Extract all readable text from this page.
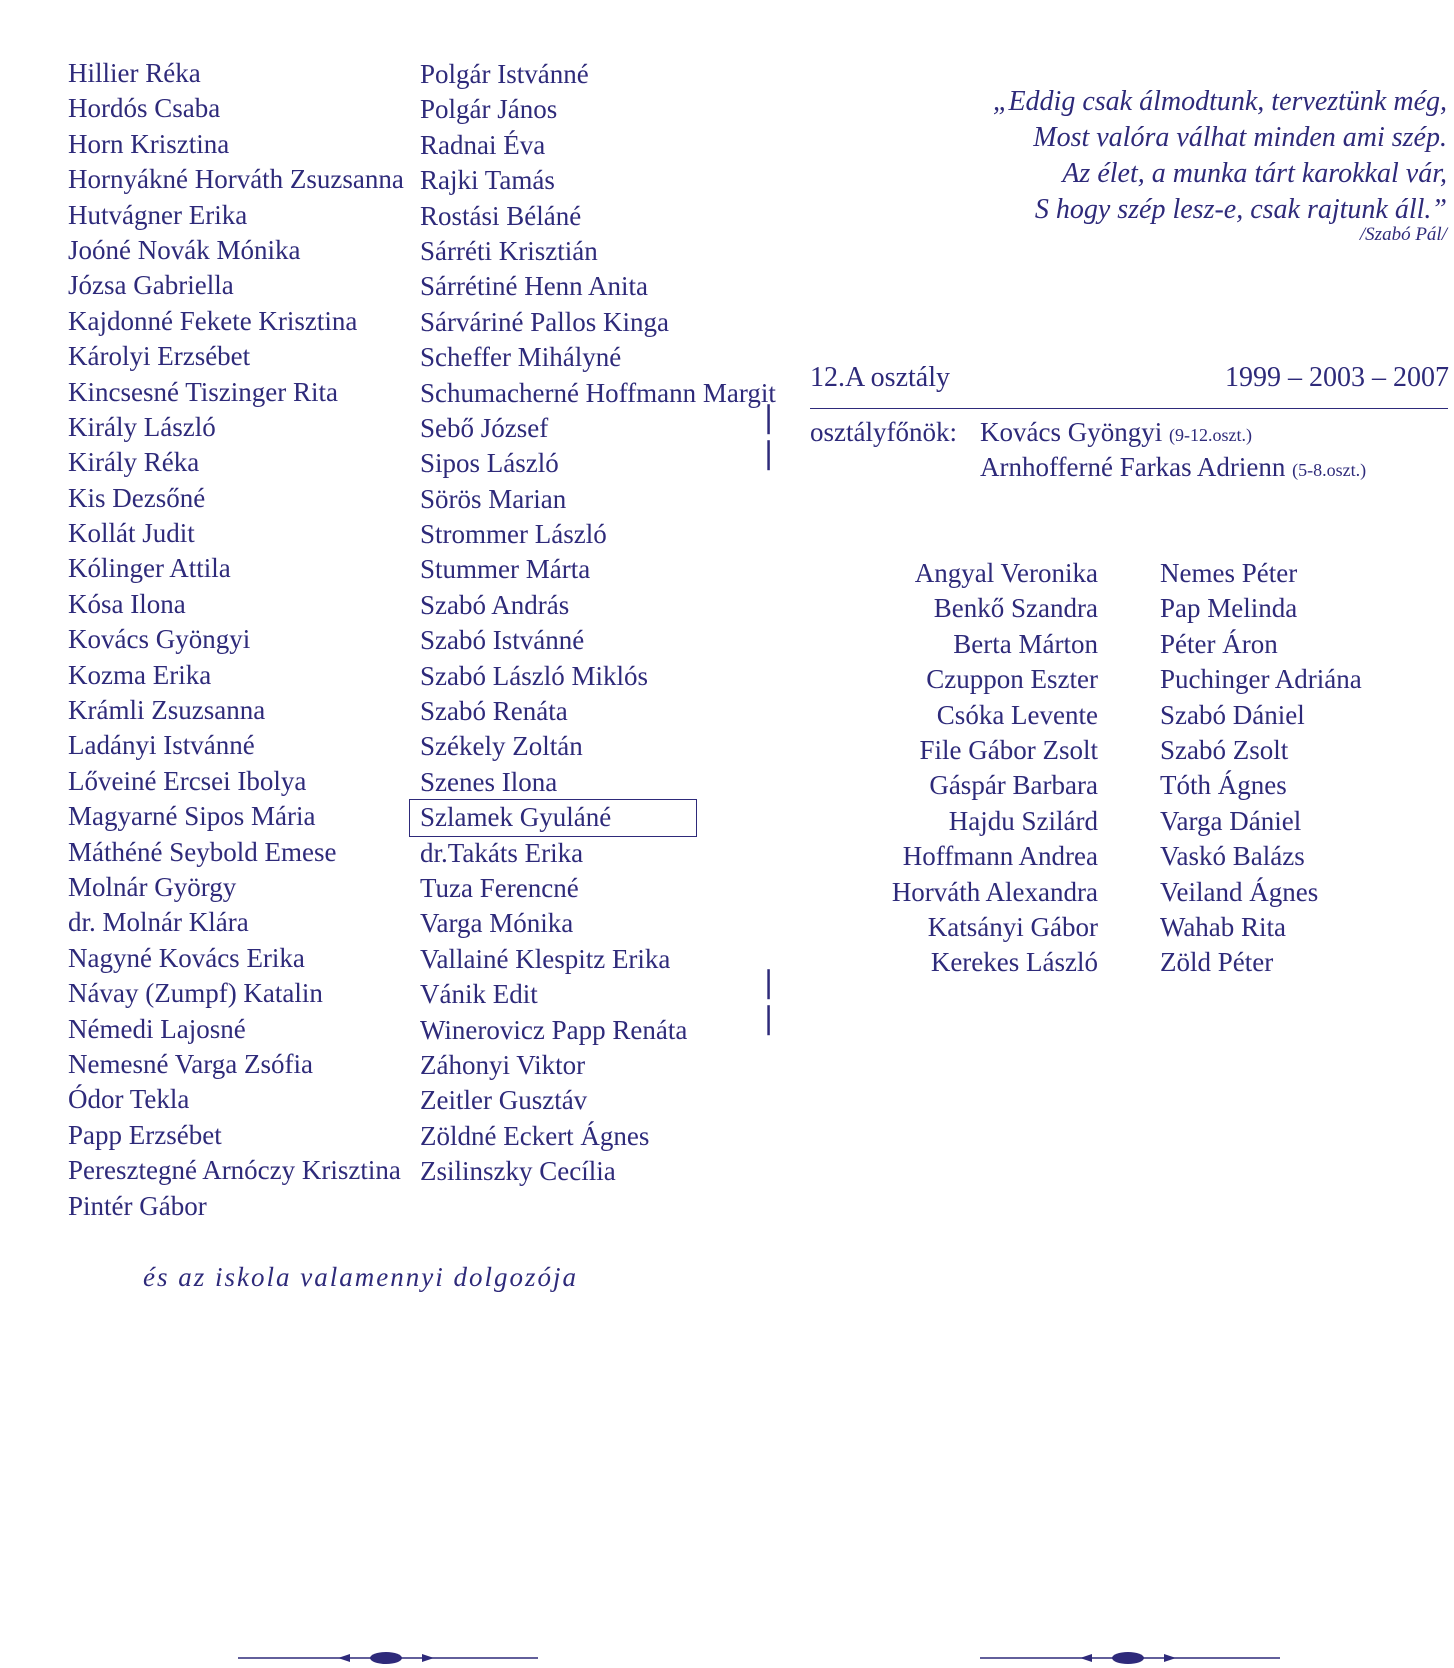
Hillier Réka
Hordós Csaba
Horn Krisztina
Hornyákné Horváth Zsuzsanna
Hutvágner Erika
Joóné Novák Mónika
Józsa Gabriella
Kajdonné Fekete Krisztina
Károlyi Erzsébet
Kincsesné Tiszinger Rita
Király László
Király Réka
Kis Dezsőné
Kollát Judit
Kólinger Attila
Kósa Ilona
Kovács Gyöngyi
Kozma Erika
Krámli Zsuzsanna
Ladányi Istvánné
Lőveiné Ercsei Ibolya
Magyarné Sipos Mária
Máthéné Seybold Emese
Molnár György
dr. Molnár Klára
Nagyné Kovács Erika
Návay (Zumpf) Katalin
Némedi Lajosné
Nemesné Varga Zsófia
Ódor Tekla
Papp Erzsébet
Peresztegné Arnóczy Krisztina
Pintér Gábor
Polgár Istvánné
Polgár János
Radnai Éva
Rajki Tamás
Rostási Béláné
Sárréti Krisztián
Sárrétiné Henn Anita
Sárváriné Pallos Kinga
Scheffer Mihályné
Schumacherné Hoffmann Margit
Sebő József
Sipos László
Sörös Marian
Strommer László
Stummer Márta
Szabó András
Szabó Istvánné
Szabó László Miklós
Szabó Renáta
Székely Zoltán
Szenes Ilona
Szlamek Gyuláné
dr.Takáts Erika
Tuza Ferencné
Varga Mónika
Vallainé Klespitz Erika
Vánik Edit
Winerovicz Papp Renáta
Záhonyi Viktor
Zeitler Gusztáv
Zöldné Eckert Ágnes
Zsilinszky Cecília
❘
❘
❘
❘
és az iskola valamennyi dolgozója
„Eddig csak álmodtunk, terveztünk még,
Most valóra válhat minden ami szép.
Az élet, a munka tárt karokkal vár,
S hogy szép lesz-e, csak rajtunk áll.”
/Szabó Pál/
12.A osztály	1999 – 2003 – 2007
osztályfőnök: Kovács Gyöngyi (9-12.oszt.)
Arnhofferné Farkas Adrienn (5-8.oszt.)
Angyal Veronika
Benkő Szandra
Berta Márton
Czuppon Eszter
Csóka Levente
File Gábor Zsolt
Gáspár Barbara
Hajdu Szilárd
Hoffmann Andrea
Horváth Alexandra
Katsányi Gábor
Kerekes László
Nemes Péter
Pap Melinda
Péter Áron
Puchinger Adriána
Szabó Dániel
Szabó Zsolt
Tóth Ágnes
Varga Dániel
Vaskó Balázs
Veiland Ágnes
Wahab Rita
Zöld Péter
